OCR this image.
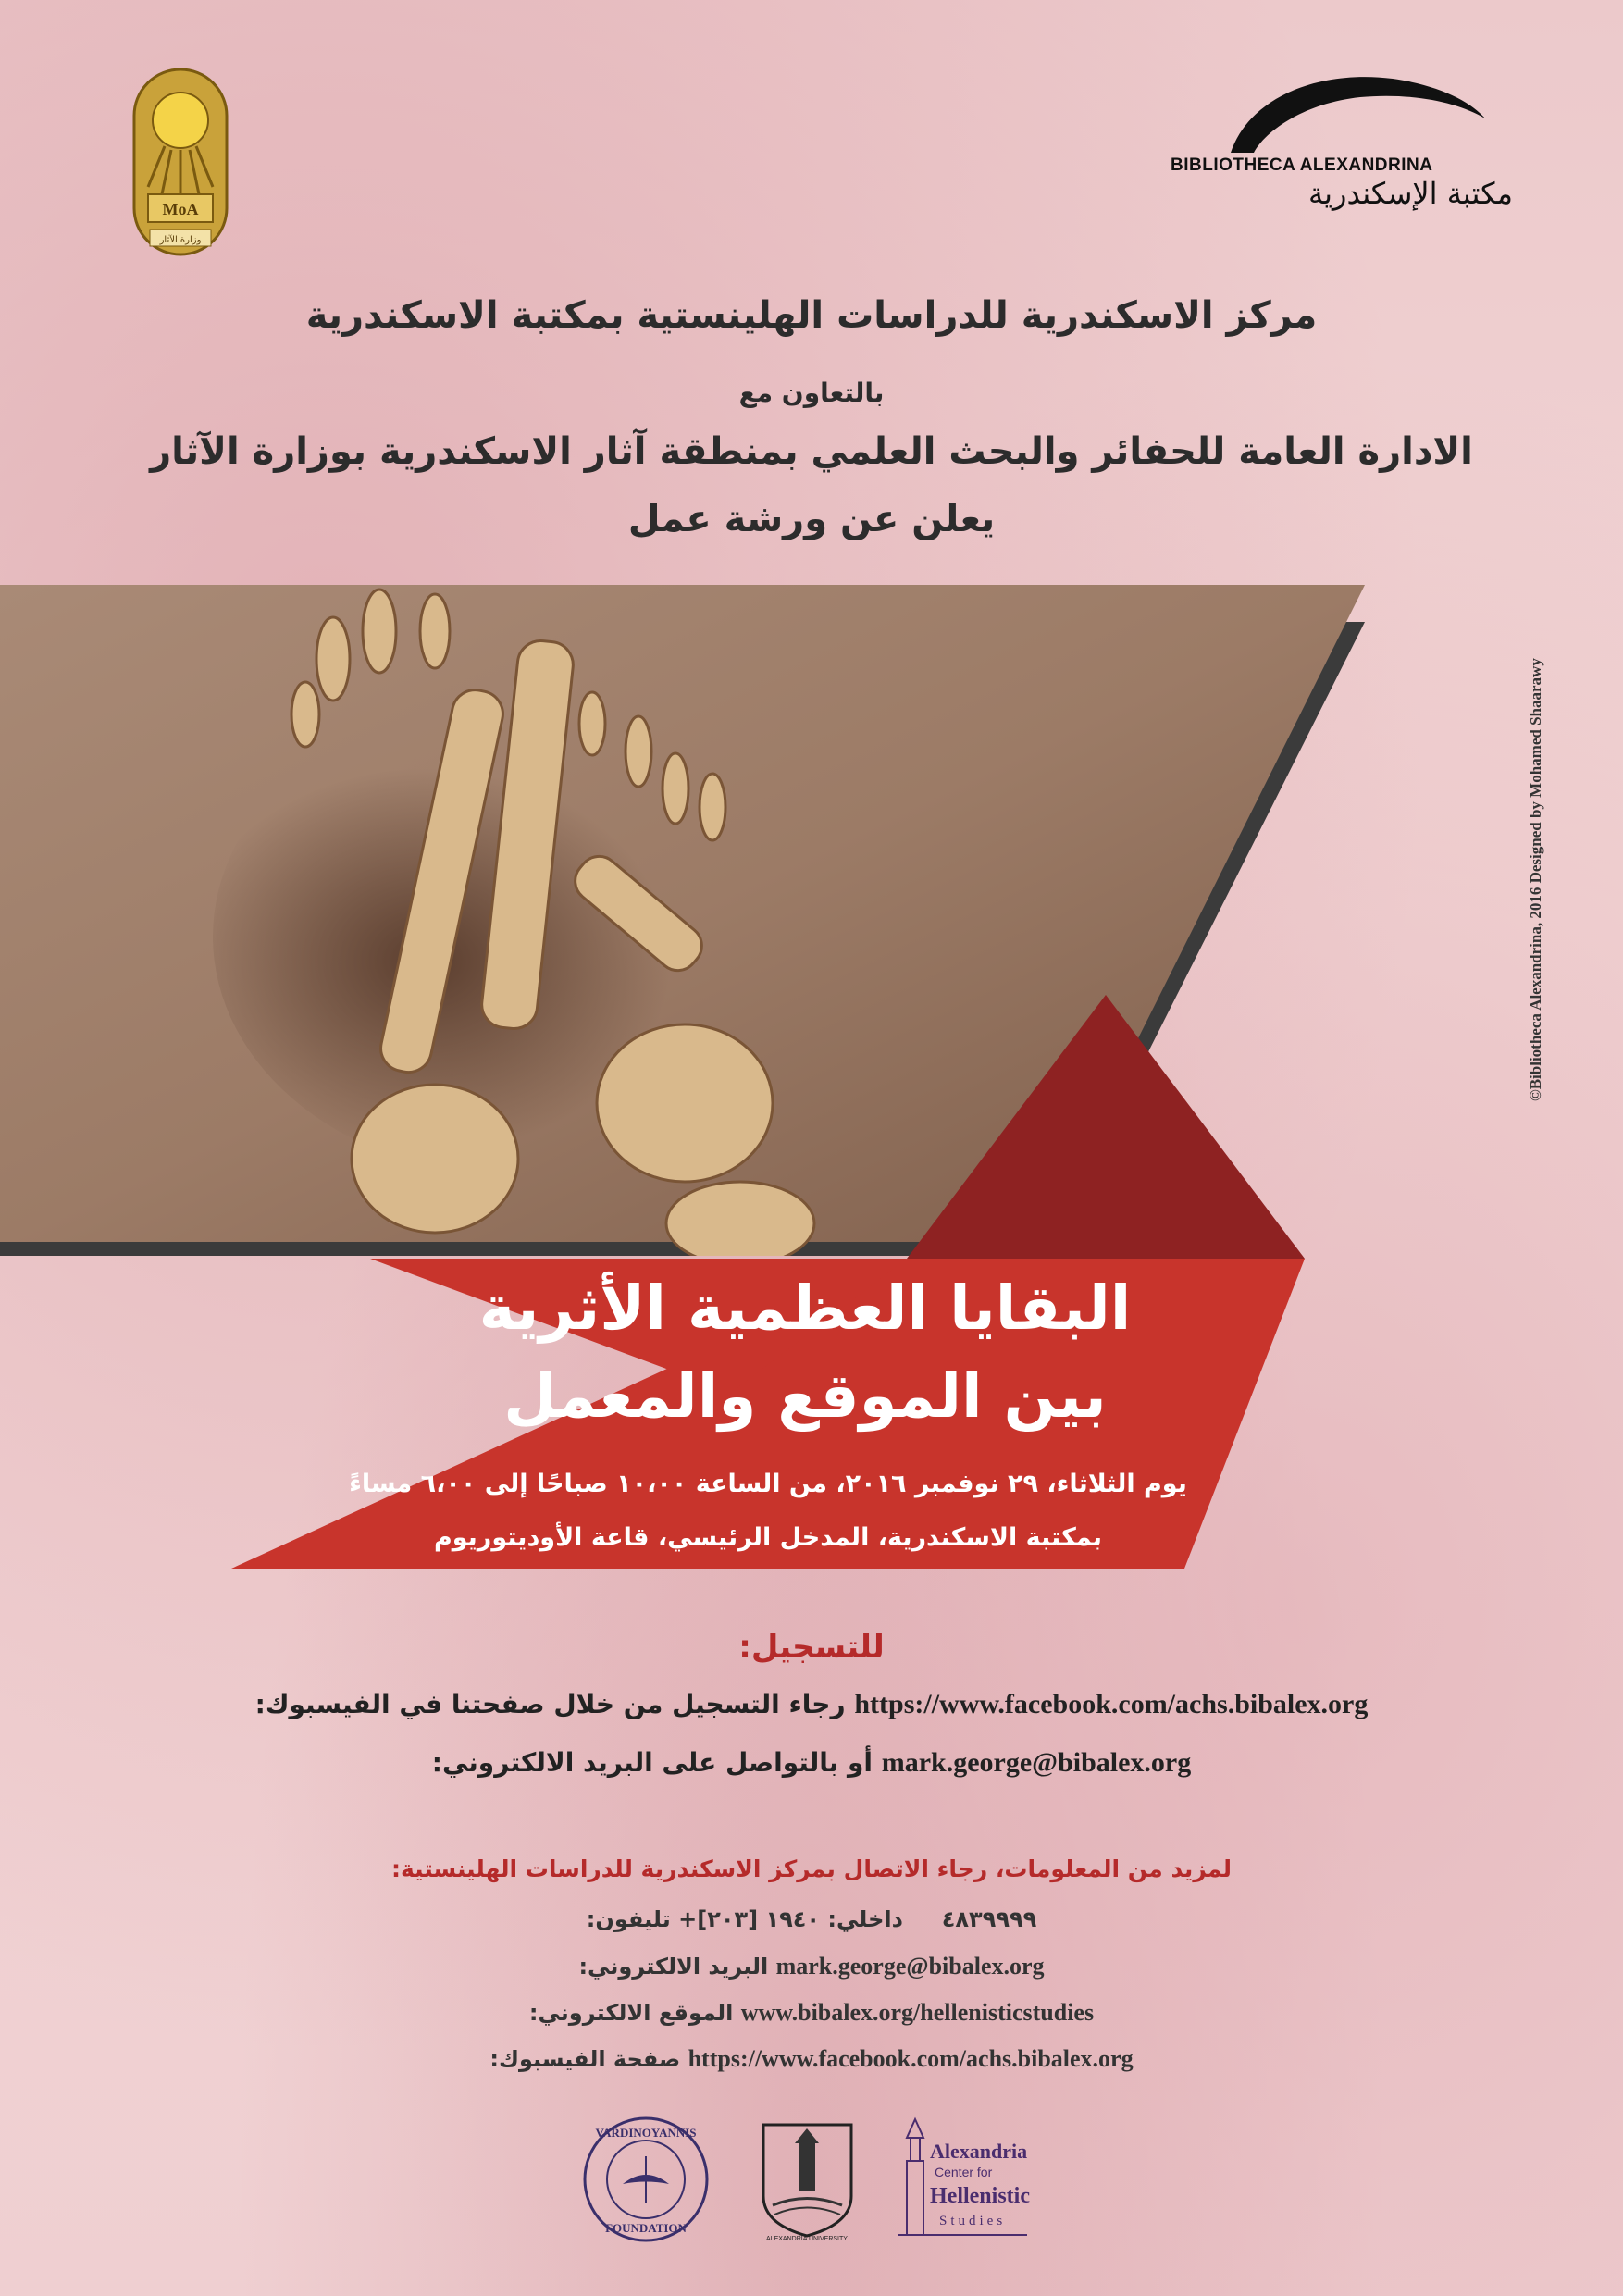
MoA
وزارة الآثار
BIBLIOTHECA ALEXANDRINA
مكتبة الإسكندرية
مركز الاسكندرية للدراسات الهلينستية بمكتبة الاسكندرية
بالتعاون مع
الادارة العامة للحفائر والبحث العلمي بمنطقة آثار الاسكندرية بوزارة الآثار
يعلن عن ورشة عمل
البقايا العظمية الأثرية
بين الموقع والمعمل
يوم الثلاثاء، ٢٩ نوفمبر ٢٠١٦، من الساعة ١٠،٠٠ صباحًا إلى ٦،٠٠ مساءً
بمكتبة الاسكندرية، المدخل الرئيسي، قاعة الأوديتوريوم
للتسجيل:
رجاء التسجيل من خلال صفحتنا في الفيسبوك: https://www.facebook.com/achs.bibalex.org
أو بالتواصل على البريد الالكتروني: mark.george@bibalex.org
لمزيد من المعلومات، رجاء الاتصال بمركز الاسكندرية للدراسات الهلينستية:
تليفون: +[٢٠٣] ٤٨٣٩٩٩٩     داخلي: ١٩٤٠
البريد الالكتروني: mark.george@bibalex.org
الموقع الالكتروني: www.bibalex.org/hellenisticstudies
صفحة الفيسبوك: https://www.facebook.com/achs.bibalex.org
©Bibliotheca Alexandrina, 2016 Designed by Mohamed Shaarawy
VARDINOYANNIS
FOUNDATION
ALEXANDRIA UNIVERSITY
Alexandria
Center for
Hellenistic
Studies
